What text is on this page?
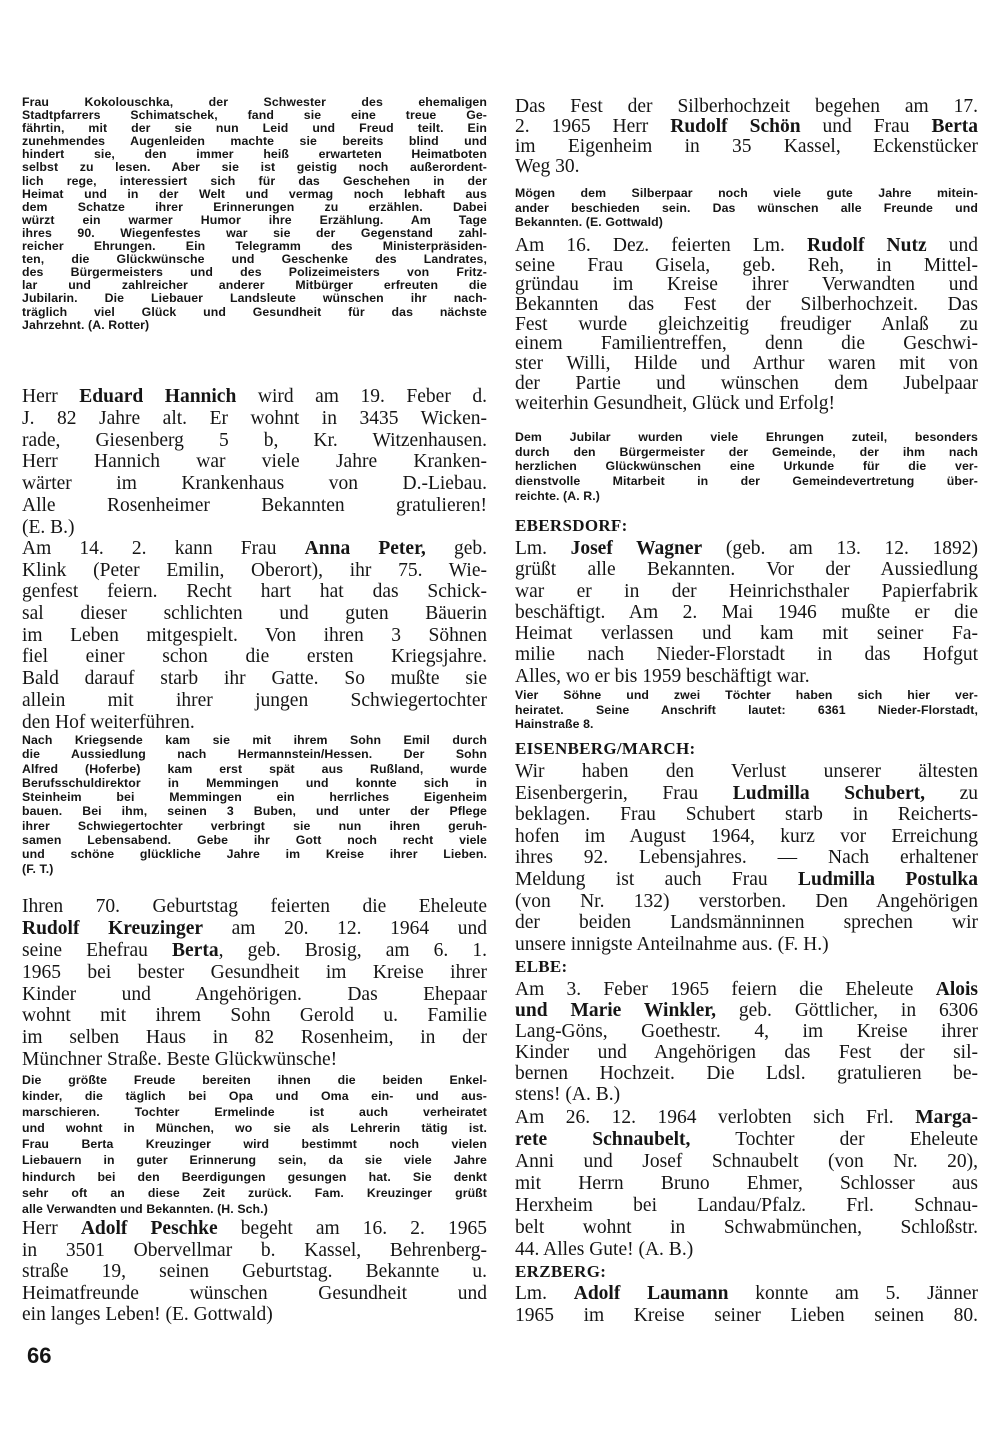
Frau Kokolouschka, der Schwester des ehemaligen
Stadtpfarrers Schimatschek, fand sie eine treue Ge-
fährtin, mit der sie nun Leid und Freud teilt. Ein
zunehmendes Augenleiden machte sie bereits blind und
hindert sie, den immer heiß erwarteten Heimatboten
selbst zu lesen. Aber sie ist geistig noch außerordent-
lich rege, interessiert sich für das Geschehen in der
Heimat und in der Welt und vermag noch lebhaft aus
dem Schatze ihrer Erinnerungen zu erzählen. Dabei
würzt ein warmer Humor ihre Erzählung. Am Tage
ihres 90. Wiegenfestes war sie der Gegenstand zahl-
reicher Ehrungen. Ein Telegramm des Ministerpräsiden-
ten, die Glückwünsche und Geschenke des Landrates,
des Bürgermeisters und des Polizeimeisters von Fritz-
lar und zahlreicher anderer Mitbürger erfreuten die
Jubilarin. Die Liebauer Landsleute wünschen ihr nach-
träglich viel Glück und Gesundheit für das nächste
Jahrzehnt. (A. Rotter)
Herr Eduard Hannich wird am 19. Feber d.
J. 82 Jahre alt. Er wohnt in 3435 Wicken-
rade, Giesenberg 5 b, Kr. Witzenhausen.
Herr Hannich war viele Jahre Kranken-
wärter im Krankenhaus von D.-Liebau.
Alle Rosenheimer Bekannten gratulieren!
(E. B.)
Am 14. 2. kann Frau Anna Peter, geb.
Klink (Peter Emilin, Oberort), ihr 75. Wie-
genfest feiern. Recht hart hat das Schick-
sal dieser schlichten und guten Bäuerin
im Leben mitgespielt. Von ihren 3 Söhnen
fiel einer schon die ersten Kriegsjahre.
Bald darauf starb ihr Gatte. So mußte sie
allein mit ihrer jungen Schwiegertochter
den Hof weiterführen.
Nach Kriegsende kam sie mit ihrem Sohn Emil durch
die Aussiedlung nach Hermannstein/Hessen. Der Sohn
Alfred (Hoferbe) kam erst spät aus Rußland, wurde
Berufsschuldirektor in Memmingen und konnte sich in
Steinheim bei Memmingen ein herrliches Eigenheim
bauen. Bei ihm, seinen 3 Buben, und unter der Pflege
ihrer Schwiegertochter verbringt sie nun ihren geruh-
samen Lebensabend. Gebe ihr Gott noch recht viele
und schöne glückliche Jahre im Kreise ihrer Lieben.
(F. T.)
Ihren 70. Geburtstag feierten die Eheleute
Rudolf Kreuzinger am 20. 12. 1964 und
seine Ehefrau Berta, geb. Brosig, am 6. 1.
1965 bei bester Gesundheit im Kreise ihrer
Kinder und Angehörigen. Das Ehepaar
wohnt mit ihrem Sohn Gerold u. Familie
im selben Haus in 82 Rosenheim, in der
Münchner Straße. Beste Glückwünsche!
Die größte Freude bereiten ihnen die beiden Enkel-
kinder, die täglich bei Opa und Oma ein- und aus-
marschieren. Tochter Ermelinde ist auch verheiratet
und wohnt in München, wo sie als Lehrerin tätig ist.
Frau Berta Kreuzinger wird bestimmt noch vielen
Liebauern in guter Erinnerung sein, da sie viele Jahre
hindurch bei den Beerdigungen gesungen hat. Sie denkt
sehr oft an diese Zeit zurück. Fam. Kreuzinger grüßt
alle Verwandten und Bekannten. (H. Sch.)
Herr Adolf Peschke begeht am 16. 2. 1965
in 3501 Obervellmar b. Kassel, Behrenberg-
straße 19, seinen Geburtstag. Bekannte u.
Heimatfreunde wünschen Gesundheit und
ein langes Leben! (E. Gottwald)
Das Fest der Silberhochzeit begehen am 17.
2. 1965 Herr Rudolf Schön und Frau Berta
im Eigenheim in 35 Kassel, Eckenstücker
Weg 30.
Mögen dem Silberpaar noch viele gute Jahre mitein-
ander beschieden sein. Das wünschen alle Freunde und
Bekannten. (E. Gottwald)
Am 16. Dez. feierten Lm. Rudolf Nutz und
seine Frau Gisela, geb. Reh, in Mittel-
gründau im Kreise ihrer Verwandten und
Bekannten das Fest der Silberhochzeit. Das
Fest wurde gleichzeitig freudiger Anlaß zu
einem Familientreffen, denn die Geschwi-
ster Willi, Hilde und Arthur waren mit von
der Partie und wünschen dem Jubelpaar
weiterhin Gesundheit, Glück und Erfolg!
Dem Jubilar wurden viele Ehrungen zuteil, besonders
durch den Bürgermeister der Gemeinde, der ihm nach
herzlichen Glückwünschen eine Urkunde für die ver-
dienstvolle Mitarbeit in der Gemeindevertretung über-
reichte. (A. R.)
EBERSDORF:
Lm. Josef Wagner (geb. am 13. 12. 1892)
grüßt alle Bekannten. Vor der Aussiedlung
war er in der Heinrichsthaler Papierfabrik
beschäftigt. Am 2. Mai 1946 mußte er die
Heimat verlassen und kam mit seiner Fa-
milie nach Nieder-Florstadt in das Hofgut
Alles, wo er bis 1959 beschäftigt war.
Vier Söhne und zwei Töchter haben sich hier ver-
heiratet. Seine Anschrift lautet: 6361 Nieder-Florstadt,
Hainstraße 8.
EISENBERG/MARCH:
Wir haben den Verlust unserer ältesten
Eisenbergerin, Frau Ludmilla Schubert, zu
beklagen. Frau Schubert starb in Reicherts-
hofen im August 1964, kurz vor Erreichung
ihres 92. Lebensjahres. — Nach erhaltener
Meldung ist auch Frau Ludmilla Postulka
(von Nr. 132) verstorben. Den Angehörigen
der beiden Landsmänninnen sprechen wir
unsere innigste Anteilnahme aus. (F. H.)
ELBE:
Am 3. Feber 1965 feiern die Eheleute Alois
und Marie Winkler, geb. Göttlicher, in 6306
Lang-Göns, Goethestr. 4, im Kreise ihrer
Kinder und Angehörigen das Fest der sil-
bernen Hochzeit. Die Ldsl. gratulieren be-
stens! (A. B.)
Am 26. 12. 1964 verlobten sich Frl. Marga-
rete Schnaubelt, Tochter der Eheleute
Anni und Josef Schnaubelt (von Nr. 20),
mit Herrn Bruno Ehmer, Schlosser aus
Herxheim bei Landau/Pfalz. Frl. Schnau-
belt wohnt in Schwabmünchen, Schloßstr.
44. Alles Gute! (A. B.)
ERZBERG:
Lm. Adolf Laumann konnte am 5. Jänner
1965 im Kreise seiner Lieben seinen 80.
66
